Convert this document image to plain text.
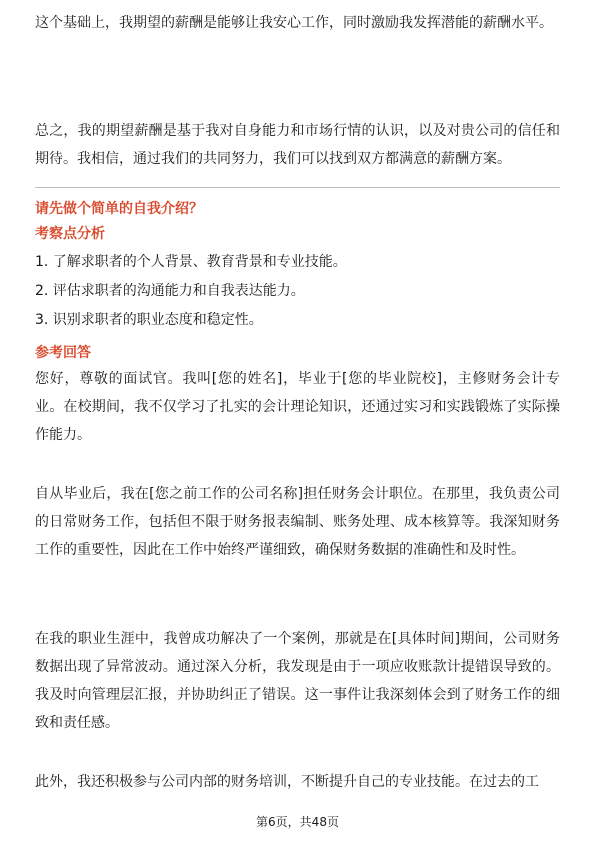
这个基础上，我期望的薪酬是能够让我安心工作，同时激励我发挥潜能的薪酬水平。

总之，我的期望薪酬是基于我对自身能力和市场行情的认识，以及对贵公司的信任和期待。我相信，通过我们的共同努力，我们可以找到双方都满意的薪酬方案。

请先做个简单的自我介绍？

考察点分析

1. 了解求职者的个人背景、教育背景和专业技能。
2. 评估求职者的沟通能力和自我表达能力。
3. 识别求职者的职业态度和稳定性。

参考回答

您好，尊敬的面试官。我叫[您的姓名]，毕业于[您的毕业院校]，主修财务会计专业。在校期间，我不仅学习了扎实的会计理论知识，还通过实习和实践锻炼了实际操作能力。

自从毕业后，我在[您之前工作的公司名称]担任财务会计职位。在那里，我负责公司的日常财务工作，包括但不限于财务报表编制、账务处理、成本核算等。我深知财务工作的重要性，因此在工作中始终严谨细致，确保财务数据的准确性和及时性。

在我的职业生涯中，我曾成功解决了一个案例，那就是在[具体时间]期间，公司财务数据出现了异常波动。通过深入分析，我发现是由于一项应收账款计提错误导致的。我及时向管理层汇报，并协助纠正了错误。这一事件让我深刻体会到了财务工作的细致和责任感。

此外，我还积极参与公司内部的财务培训，不断提升自己的专业技能。在过去的工

第6页，共48页
